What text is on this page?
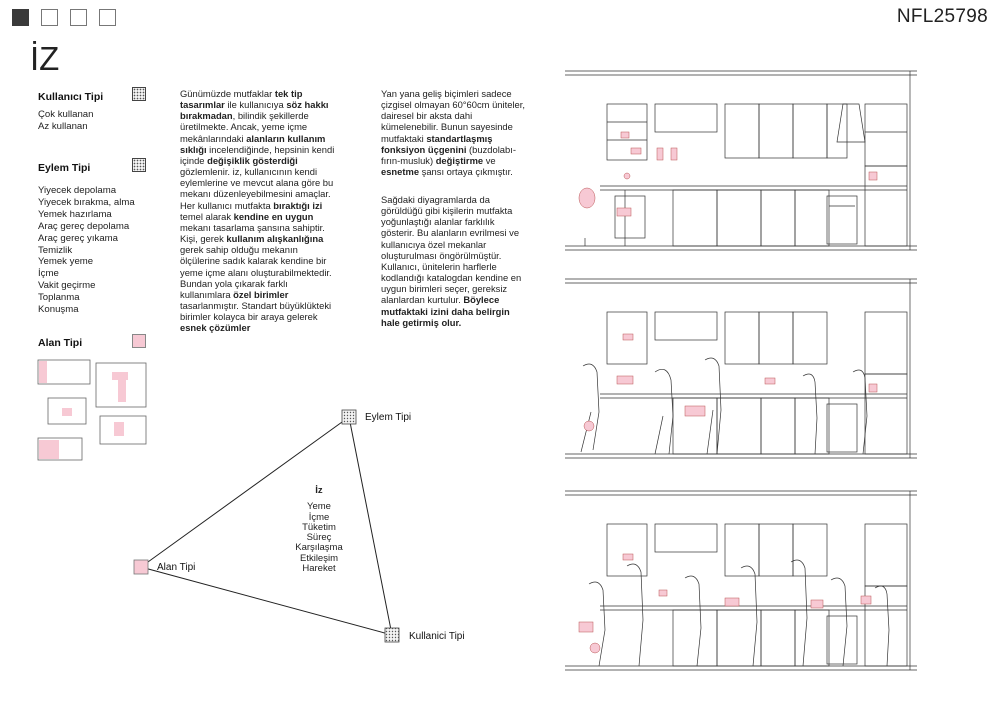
NFL25798
İZ
Kullanıcı Tipi
Çok kullanan
Az kullanan
Eylem Tipi
Yiyecek depolama
Yiyecek bırakma, alma
Yemek hazırlama
Araç gereç depolama
Araç gereç yıkama
Temizlik
Yemek yeme
İçme
Vakit geçirme
Toplanma
Konuşma
Alan Tipi
Günümüzde mutfaklar tek tip tasarımlar ile kullanıcıya söz hakkı bırakmadan, bilindik şekillerde üretilmekte. Ancak, yeme içme mekânlarındaki alanların kullanım sıklığı incelendiğinde, hepsinin kendi içinde değişiklik gösterdiği gözlemlenir. iz, kullanıcının kendi eylemlerine ve mevcut alana göre bu mekanı düzenleyebilmesini amaçlar. Her kullanıcı mutfakta bıraktığı izi temel alarak kendine en uygun mekanı tasarlama şansına sahiptir. Kişi, gerek kullanım alışkanlığına gerek sahip olduğu mekanın ölçülerine sadık kalarak kendine bir yeme içme alanı oluşturabilmektedir. Bundan yola çıkarak farklı kullanımlara özel birimler tasarlanmıştır. Standart büyüklükteki birimler kolayca bir araya gelerek esnek çözümler
Yan yana geliş biçimleri sadece çizgisel olmayan 60°60cm üniteler, dairesel bir aksta dahi kümelenebilir. Bunun sayesinde mutfaktaki standartlaşmış fonksiyon üçgenini (buzdolabı-fırın-musluk) değiştirme ve esnetme şansı ortaya çıkmıştır.
Sağdaki diyagramlarda da görüldüğü gibi kişilerin mutfakta yoğunlaştığı alanlar farklılık gösterir. Bu alanların evrilmesi ve kullanıcıya özel mekanlar oluşturulması öngörülmüştür. Kullanıcı, ünitelerin harflerle kodlandığı katalogdan kendine en uygun birimleri seçer, gereksiz alanlardan kurtulur. Böylece mutfaktaki izini daha belirgin hale getirmiş olur.
Eylem Tipi
Alan Tipi
Kullanici Tipi
İz
Yeme
İçme
Tüketim
Süreç
Karşılaşma
Etkileşim
Hareket
